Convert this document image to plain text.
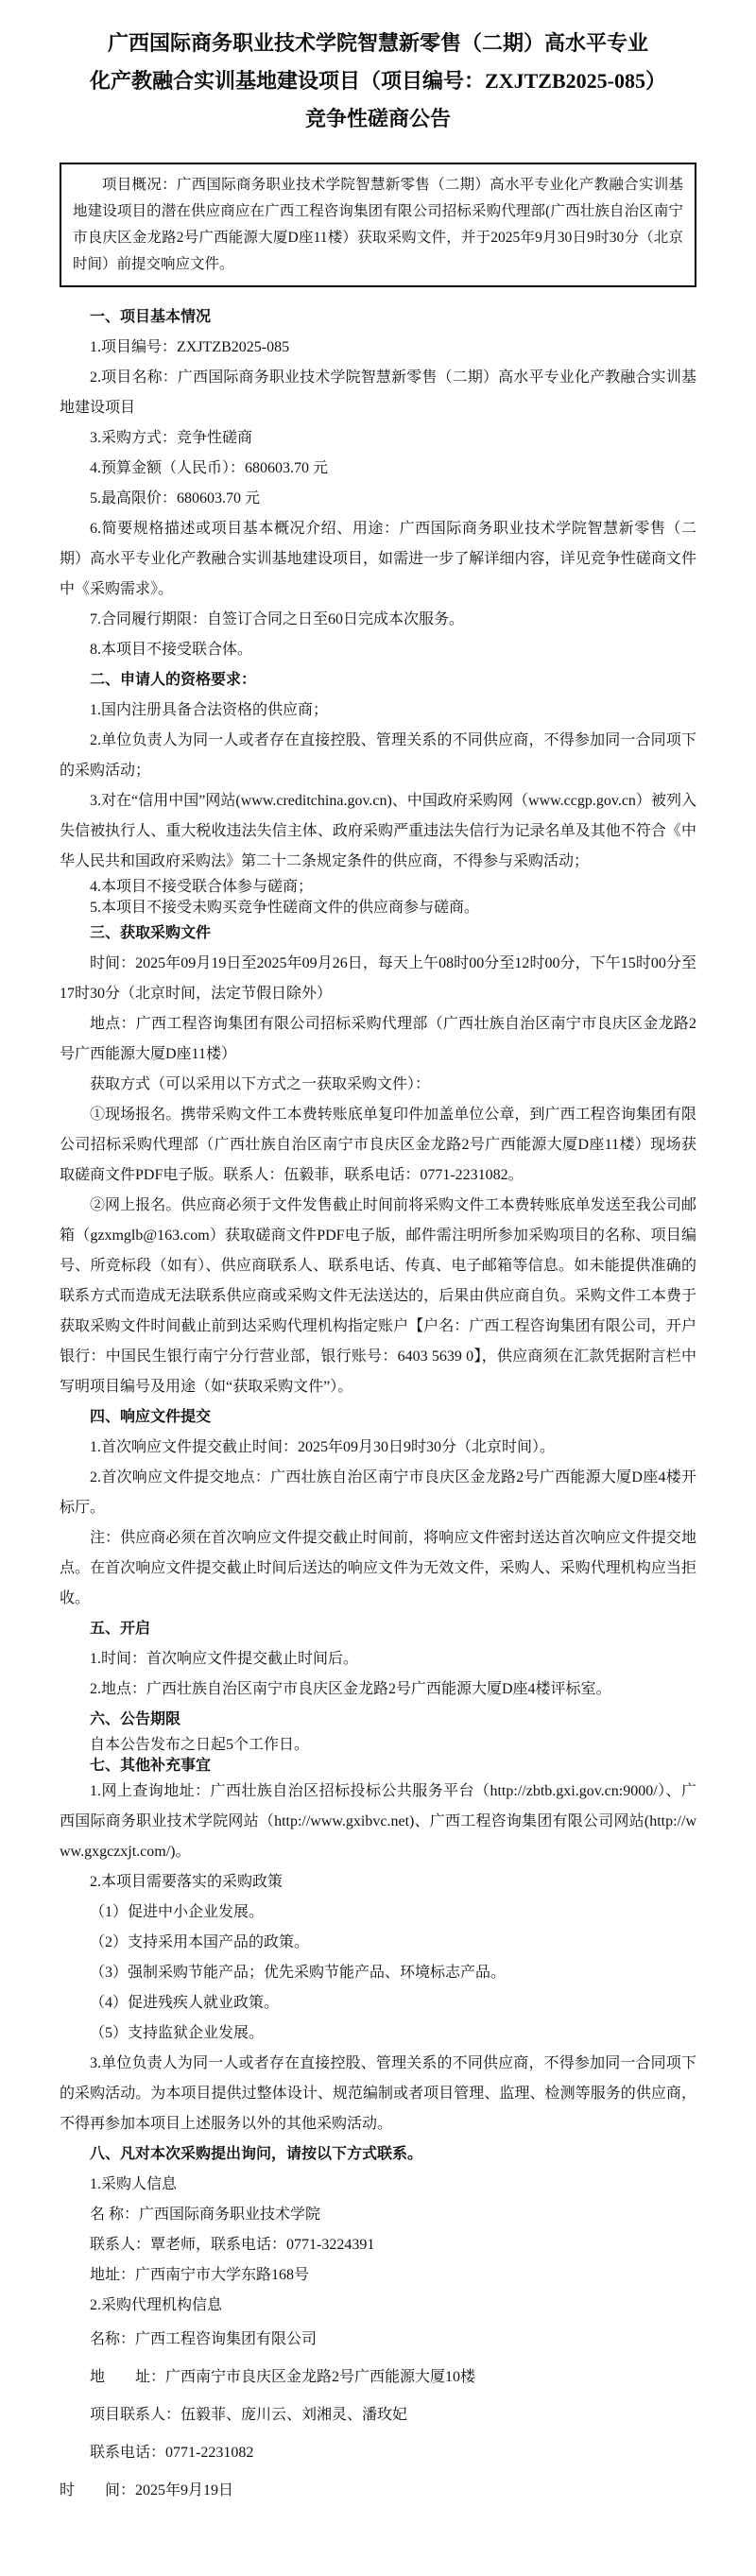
广西国际商务职业技术学院智慧新零售（二期）高水平专业
化产教融合实训基地建设项目（项目编号：ZXJTZB2025-085）
竞争性磋商公告

项目概况：广西国际商务职业技术学院智慧新零售（二期）高水平专业化产教融合实训基地建设项目的潜在供应商应在广西工程咨询集团有限公司招标采购代理部(广西壮族自治区南宁市良庆区金龙路2号广西能源大厦D座11楼）获取采购文件，并于2025年9月30日9时30分（北京时间）前提交响应文件。

一、项目基本情况

1.项目编号：ZXJTZB2025-085

2.项目名称：广西国际商务职业技术学院智慧新零售（二期）高水平专业化产教融合实训基地建设项目

3.采购方式：竞争性磋商

4.预算金额（人民币）：680603.70 元

5.最高限价：680603.70 元

6.简要规格描述或项目基本概况介绍、用途：广西国际商务职业技术学院智慧新零售（二期）高水平专业化产教融合实训基地建设项目，如需进一步了解详细内容，详见竞争性磋商文件中《采购需求》。

7.合同履行期限：自签订合同之日至60日完成本次服务。

8.本项目不接受联合体。

二、申请人的资格要求：

1.国内注册具备合法资格的供应商；

2.单位负责人为同一人或者存在直接控股、管理关系的不同供应商，不得参加同一合同项下的采购活动；

3.对在“信用中国”网站(www.creditchina.gov.cn)、中国政府采购网（www.ccgp.gov.cn）被列入失信被执行人、重大税收违法失信主体、政府采购严重违法失信行为记录名单及其他不符合《中华人民共和国政府采购法》第二十二条规定条件的供应商，不得参与采购活动；

4.本项目不接受联合体参与磋商；

5.本项目不接受未购买竞争性磋商文件的供应商参与磋商。

三、获取采购文件

时间：2025年09月19日至2025年09月26日，每天上午08时00分至12时00分，下午15时00分至17时30分（北京时间，法定节假日除外）

地点：广西工程咨询集团有限公司招标采购代理部（广西壮族自治区南宁市良庆区金龙路2号广西能源大厦D座11楼）

获取方式（可以采用以下方式之一获取采购文件）：

①现场报名。携带采购文件工本费转账底单复印件加盖单位公章，到广西工程咨询集团有限公司招标采购代理部（广西壮族自治区南宁市良庆区金龙路2号广西能源大厦D座11楼）现场获取磋商文件PDF电子版。联系人：伍毅菲，联系电话：0771-2231082。

②网上报名。供应商必须于文件发售截止时间前将采购文件工本费转账底单发送至我公司邮箱（gzxmglb@163.com）获取磋商文件PDF电子版，邮件需注明所参加采购项目的名称、项目编号、所竞标段（如有）、供应商联系人、联系电话、传真、电子邮箱等信息。如未能提供准确的联系方式而造成无法联系供应商或采购文件无法送达的，后果由供应商自负。采购文件工本费于获取采购文件时间截止前到达采购代理机构指定账户【户名：广西工程咨询集团有限公司，开户银行：中国民生银行南宁分行营业部，银行账号：6403 5639 0】，供应商须在汇款凭据附言栏中写明项目编号及用途（如“获取采购文件”）。

四、响应文件提交

1.首次响应文件提交截止时间：2025年09月30日9时30分（北京时间）。

2.首次响应文件提交地点：广西壮族自治区南宁市良庆区金龙路2号广西能源大厦D座4楼开标厅。

注：供应商必须在首次响应文件提交截止时间前，将响应文件密封送达首次响应文件提交地点。在首次响应文件提交截止时间后送达的响应文件为无效文件，采购人、采购代理机构应当拒收。

五、开启

1.时间：首次响应文件提交截止时间后。

2.地点：广西壮族自治区南宁市良庆区金龙路2号广西能源大厦D座4楼评标室。

六、公告期限

自本公告发布之日起5个工作日。

七、其他补充事宜

1.网上查询地址：广西壮族自治区招标投标公共服务平台（http://zbtb.gxi.gov.cn:9000/）、广西国际商务职业技术学院网站（http://www.gxibvc.net)、广西工程咨询集团有限公司网站(http://www.gxgczxjt.com/)。

2.本项目需要落实的采购政策

（1）促进中小企业发展。

（2）支持采用本国产品的政策。

（3）强制采购节能产品；优先采购节能产品、环境标志产品。

（4）促进残疾人就业政策。

（5）支持监狱企业发展。

3.单位负责人为同一人或者存在直接控股、管理关系的不同供应商，不得参加同一合同项下的采购活动。为本项目提供过整体设计、规范编制或者项目管理、监理、检测等服务的供应商，不得再参加本项目上述服务以外的其他采购活动。

八、凡对本次采购提出询问，请按以下方式联系。

1.采购人信息

名 称：广西国际商务职业技术学院

联系人：覃老师，联系电话：0771-3224391

地址：广西南宁市大学东路168号

2.采购代理机构信息

名称：广西工程咨询集团有限公司

地　　址：广西南宁市良庆区金龙路2号广西能源大厦10楼

项目联系人：伍毅菲、庞川云、刘湘灵、潘玫妃

联系电话：0771-2231082

时　　间：2025年9月19日
